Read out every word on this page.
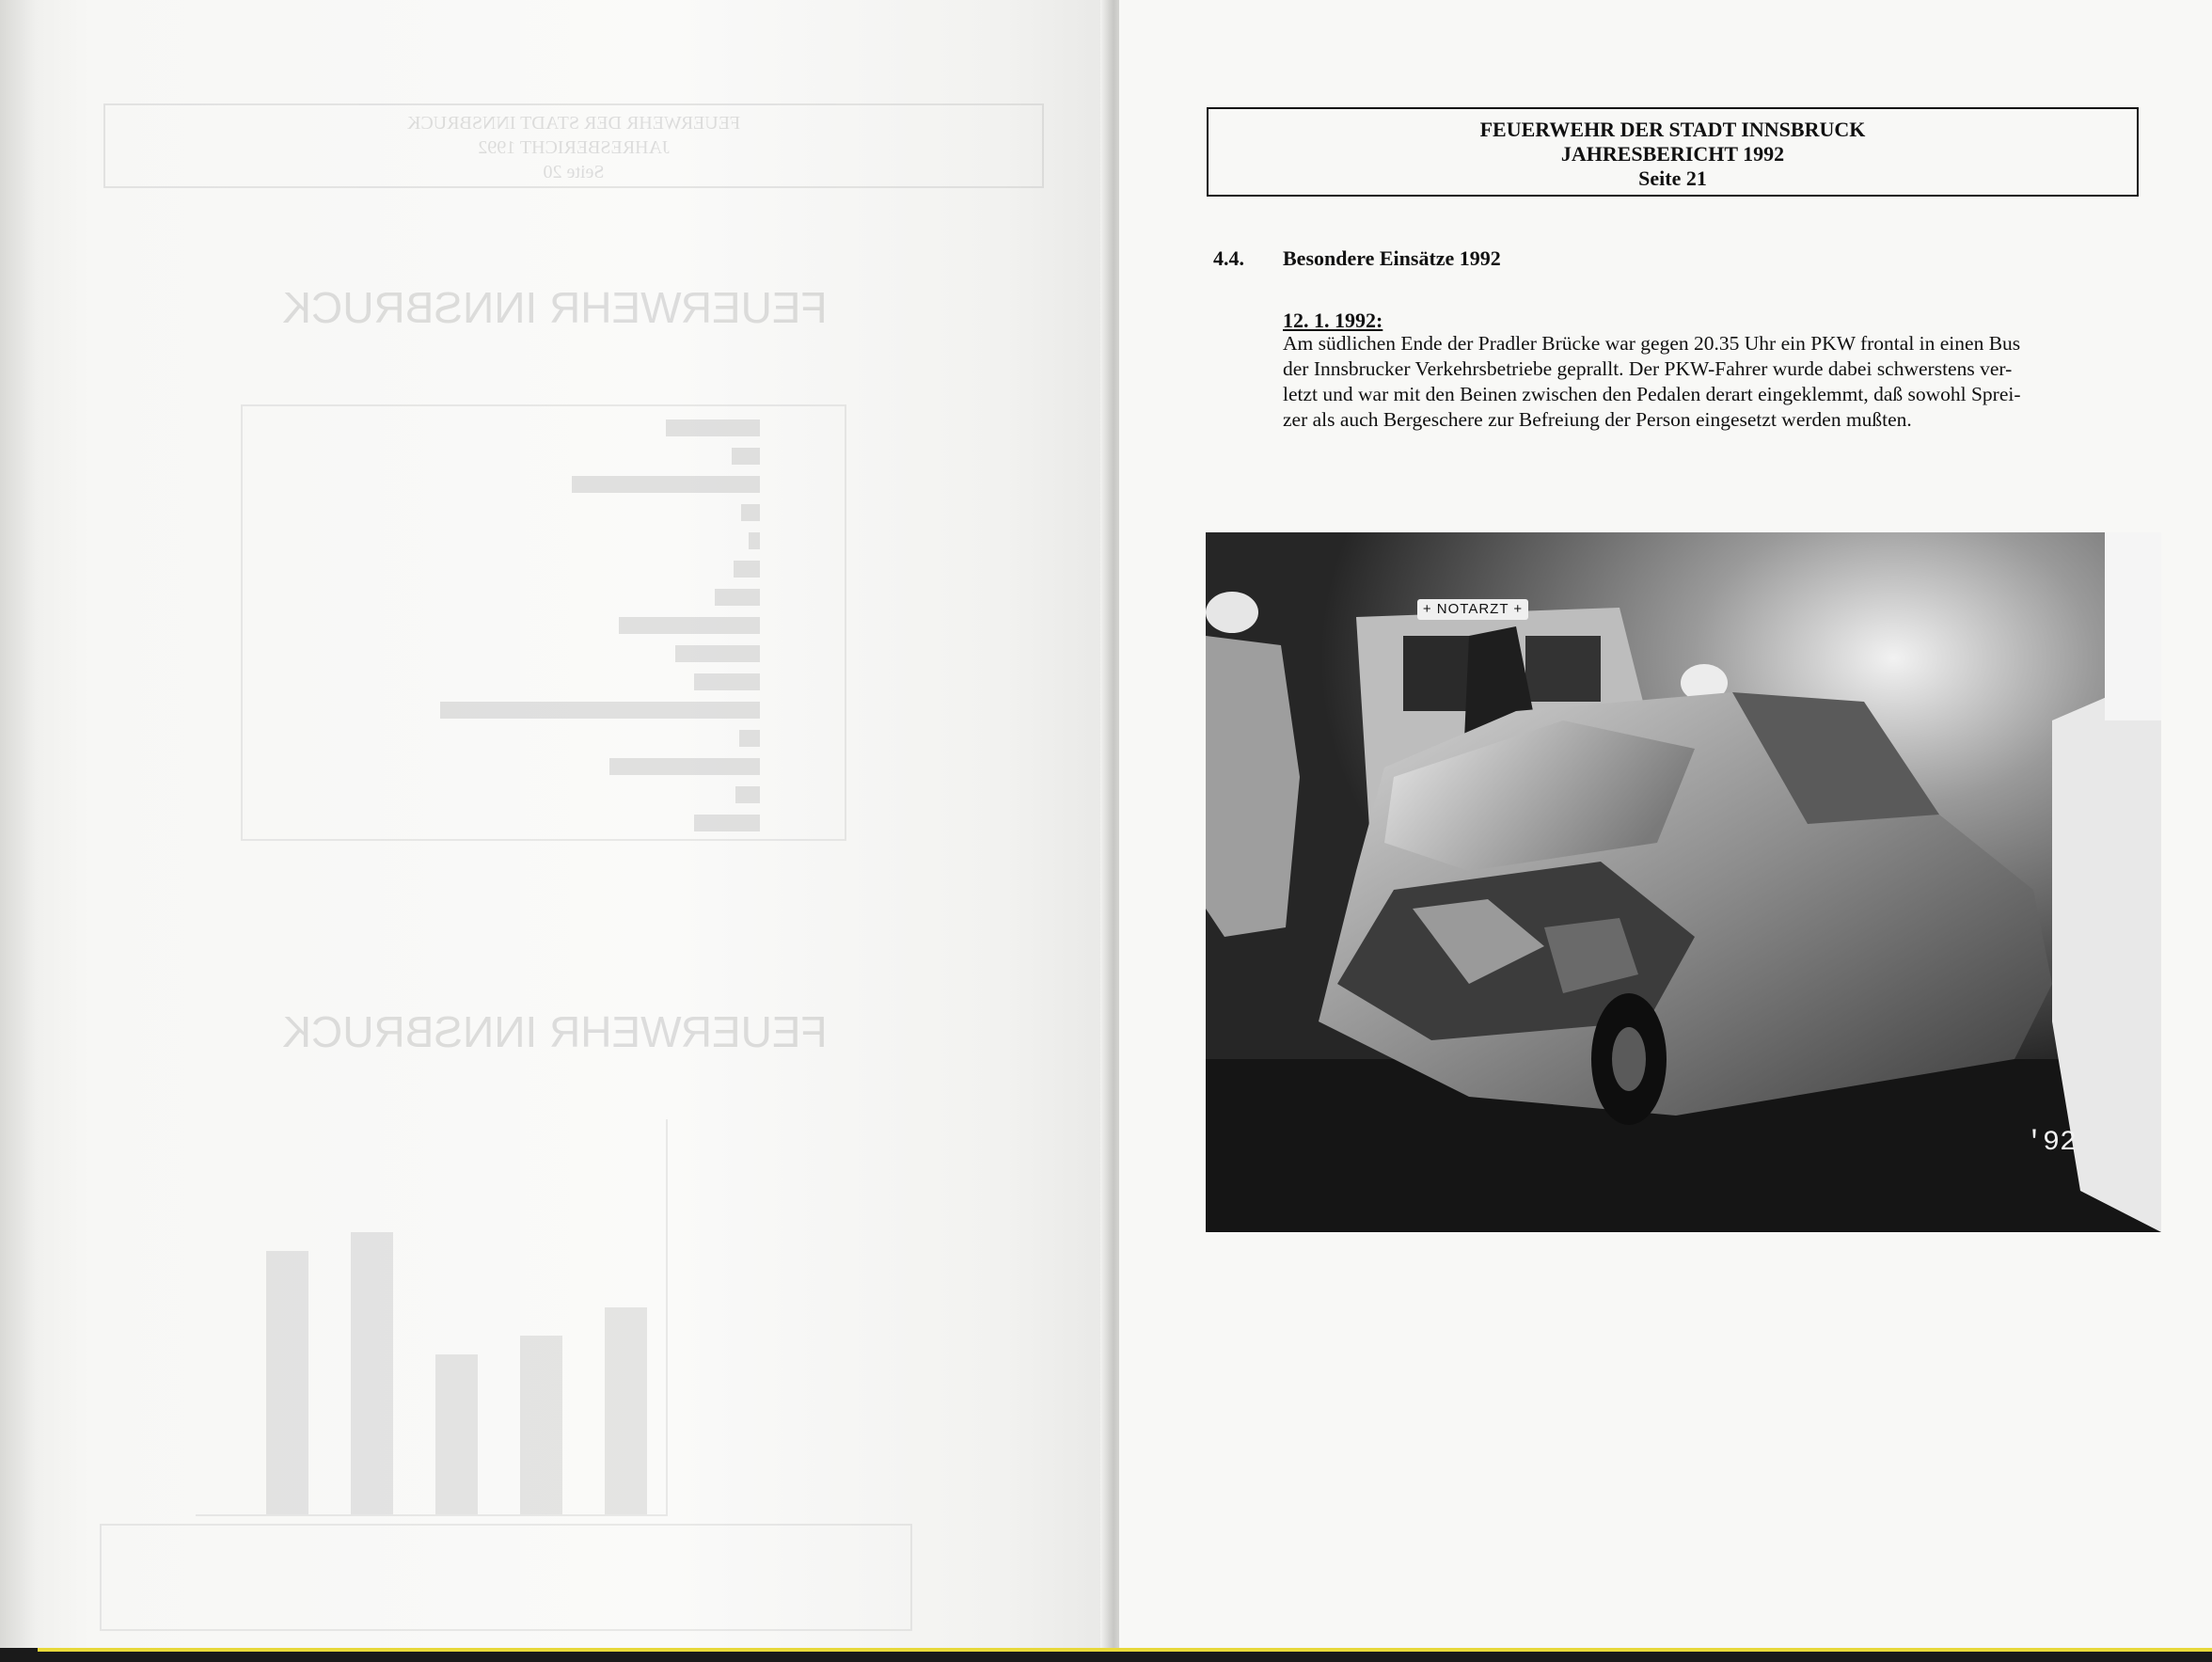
FEUERWEHR DER STADT INNSBRUCK
JAHRESBERICHT 1992
Seite 20
FEUERWEHR INNSBRUCK
FEUERWEHR INNSBRUCK
FEUERWEHR DER STADT INNSBRUCK
JAHRESBERICHT 1992
Seite 21
4.4. Besondere Einsätze 1992
12. 1. 1992:
Am südlichen Ende der Pradler Brücke war gegen 20.35 Uhr ein PKW frontal in einen Bus
der Innsbrucker Verkehrsbetriebe geprallt. Der PKW-Fahrer wurde dabei schwerstens ver-
letzt und war mit den Beinen zwischen den Pedalen derart eingeklemmt, daß sowohl Sprei-
zer als auch Bergeschere zur Befreiung der Person eingesetzt werden mußten.
+ NOTARZT +
'92
